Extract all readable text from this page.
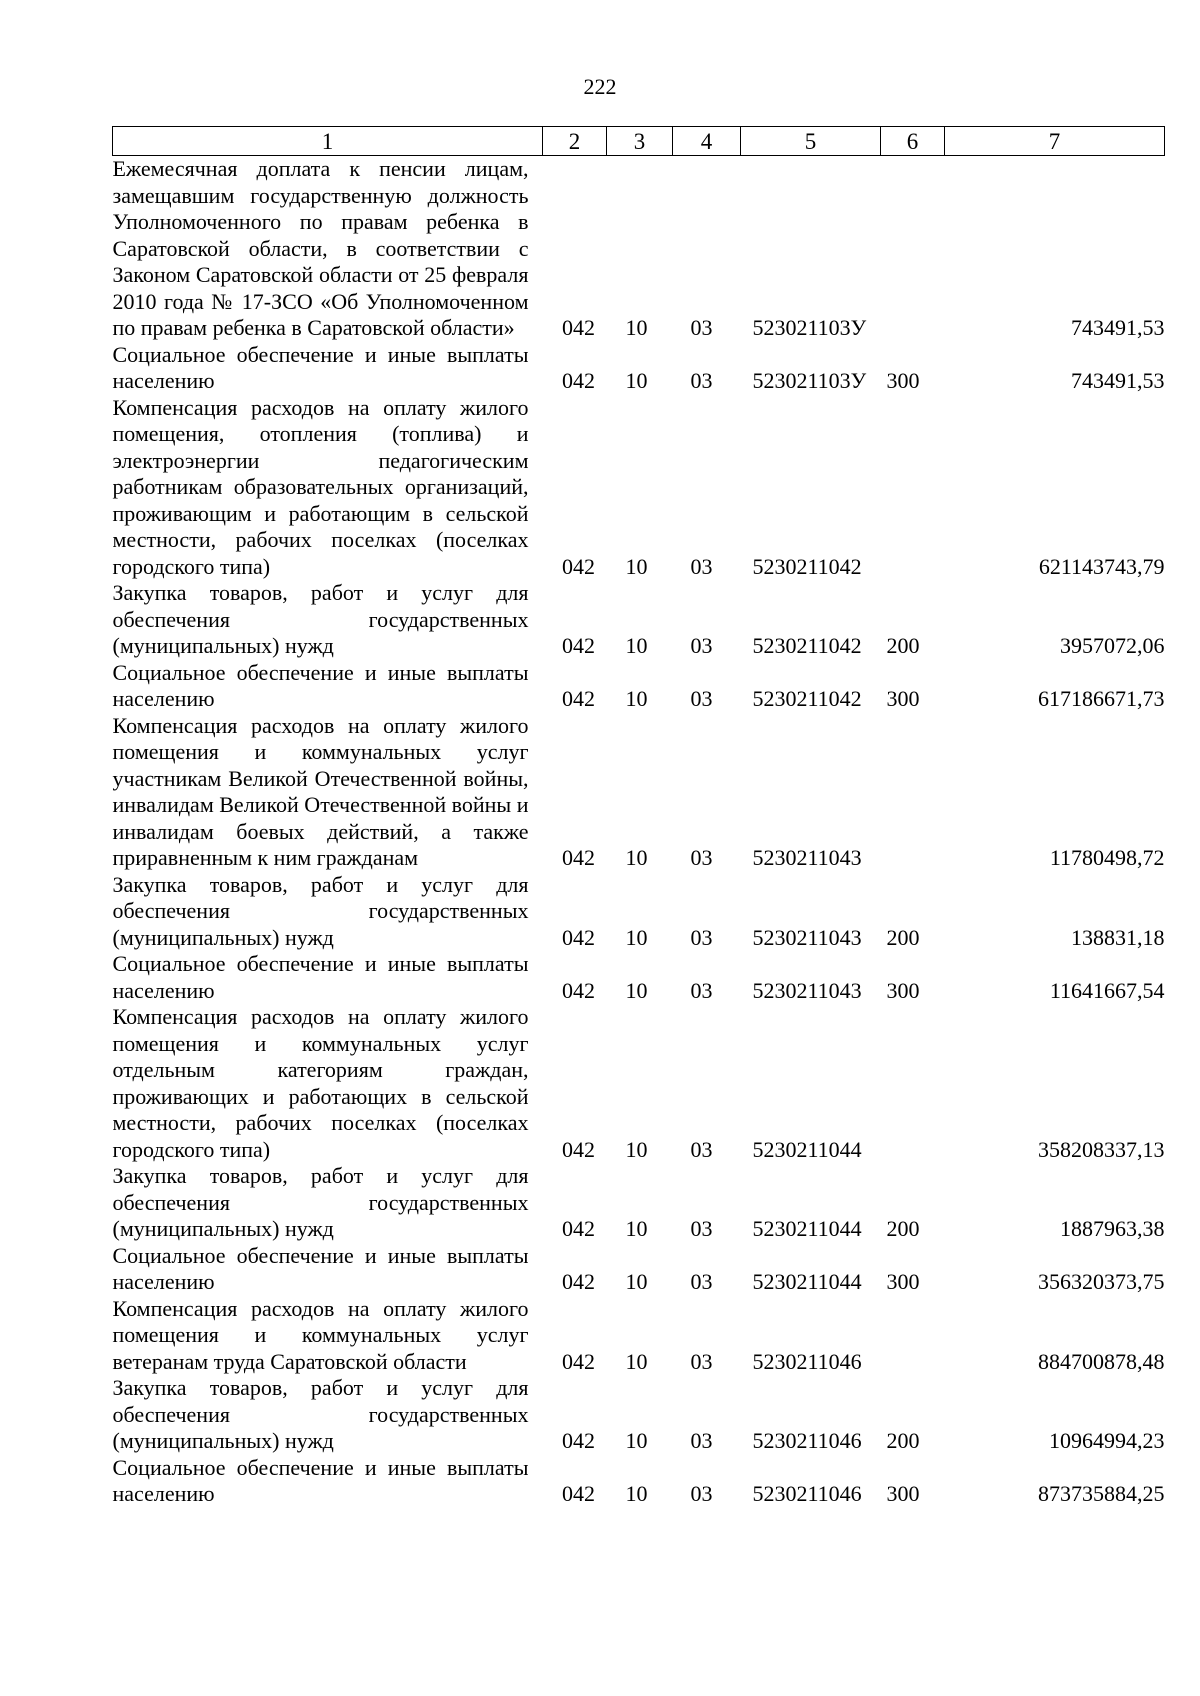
222
1	2	3	4	5	6	7
Ежемесячная доплата к пенсии лицам, замещавшим государственную должность Уполномоченного по правам ребенка в Саратовской области, в соответствии с Законом Саратовской области от 25 февраля 2010 года № 17-ЗСО «Об Уполномоченном по правам ребенка в Саратовской области»	042	10	03	523021103У		743491,53
Социальное обеспечение и иные выплаты населению	042	10	03	523021103У	300	743491,53
Компенсация расходов на оплату жилого помещения, отопления (топлива) и электроэнергии педагогическим работникам образовательных организаций, проживающим и работающим в сельской местности, рабочих поселках (поселках городского типа)	042	10	03	5230211042		621143743,79
Закупка товаров, работ и услуг для обеспечения государственных (муниципальных) нужд	042	10	03	5230211042	200	3957072,06
Социальное обеспечение и иные выплаты населению	042	10	03	5230211042	300	617186671,73
Компенсация расходов на оплату жилого помещения и коммунальных услуг участникам Великой Отечественной войны, инвалидам Великой Отечественной войны и инвалидам боевых действий, а также приравненным к ним гражданам	042	10	03	5230211043		11780498,72
Закупка товаров, работ и услуг для обеспечения государственных (муниципальных) нужд	042	10	03	5230211043	200	138831,18
Социальное обеспечение и иные выплаты населению	042	10	03	5230211043	300	11641667,54
Компенсация расходов на оплату жилого помещения и коммунальных услуг отдельным категориям граждан, проживающих и работающих в сельской местности, рабочих поселках (поселках городского типа)	042	10	03	5230211044		358208337,13
Закупка товаров, работ и услуг для обеспечения государственных (муниципальных) нужд	042	10	03	5230211044	200	1887963,38
Социальное обеспечение и иные выплаты населению	042	10	03	5230211044	300	356320373,75
Компенсация расходов на оплату жилого помещения и коммунальных услуг ветеранам труда Саратовской области	042	10	03	5230211046		884700878,48
Закупка товаров, работ и услуг для обеспечения государственных (муниципальных) нужд	042	10	03	5230211046	200	10964994,23
Социальное обеспечение и иные выплаты населению	042	10	03	5230211046	300	873735884,25
